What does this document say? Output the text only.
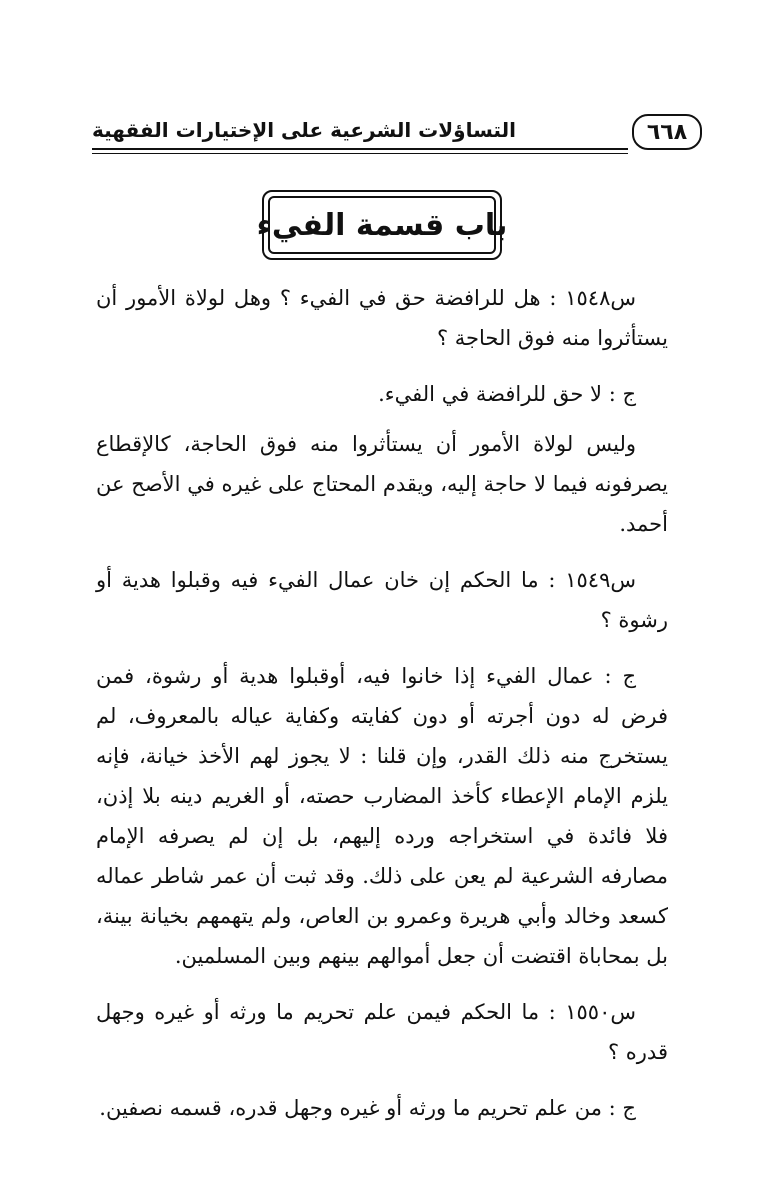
٦٦٨
التساؤلات الشرعية على الإختيارات الفقهية
باب قسمة الفيء

س١٥٤٨ : هل للرافضة حق في الفيء ؟ وهل لولاة الأمور أن يستأثروا منه فوق الحاجة ؟

ج : لا حق للرافضة في الفيء.

وليس لولاة الأمور أن يستأثروا منه فوق الحاجة، كالإقطاع يصرفونه فيما لا حاجة إليه، ويقدم المحتاج على غيره في الأصح عن أحمد.

س١٥٤٩ : ما الحكم إن خان عمال الفيء فيه وقبلوا هدية أو رشوة ؟

ج : عمال الفيء إذا خانوا فيه، أوقبلوا هدية أو رشوة، فمن فرض له دون أجرته أو دون كفايته وكفاية عياله بالمعروف، لم يستخرج منه ذلك القدر، وإن قلنا : لا يجوز لهم الأخذ خيانة، فإنه يلزم الإمام الإعطاء كأخذ المضارب حصته، أو الغريم دينه بلا إذن، فلا فائدة في استخراجه ورده إليهم، بل إن لم يصرفه الإمام مصارفه الشرعية لم يعن على ذلك. وقد ثبت أن عمر شاطر عماله كسعد وخالد وأبي هريرة وعمرو بن العاص، ولم يتهمهم بخيانة بينة، بل بمحاباة اقتضت أن جعل أموالهم بينهم وبين المسلمين.

س١٥٥٠ : ما الحكم فيمن علم تحريم ما ورثه أو غيره وجهل قدره ؟

ج : من علم تحريم ما ورثه أو غيره وجهل قدره، قسمه نصفين.
